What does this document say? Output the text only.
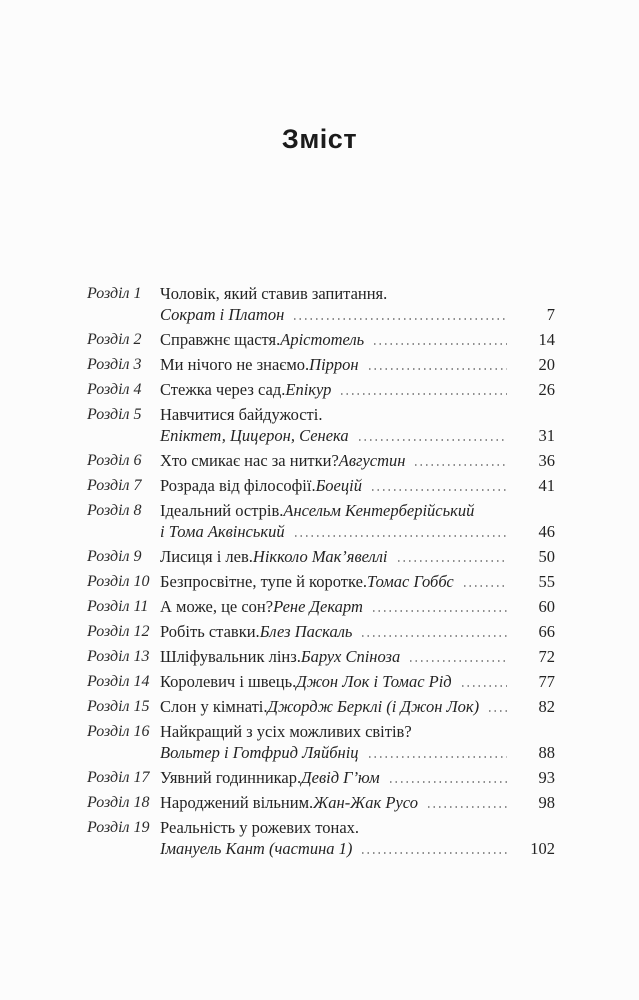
Зміст
Розділ 1	Чоловік, який ставив запитання.
Сократ і Платон	7
Розділ 2	Справжнє щастя. Арістотель	14
Розділ 3	Ми нічого не знаємо. Піррон	20
Розділ 4	Стежка через сад. Епікур	26
Розділ 5	Навчитися байдужості.
Епіктет, Цицерон, Сенека	31
Розділ 6	Хто смикає нас за нитки? Августин	36
Розділ 7	Розрада від філософії. Боецій	41
Розділ 8	Ідеальний острів. Ансельм Кентерберійський
і Тома Аквінський	46
Розділ 9	Лисиця і лев. Нікколо Мак’явеллі	50
Розділ 10 Безпросвітне, тупе й коротке. Томас Гоббс	55
Розділ 11 А може, це сон? Рене Декарт	60
Розділ 12 Робіть ставки. Блез Паскаль	66
Розділ 13 Шліфувальник лінз. Барух Спіноза	72
Розділ 14 Королевич і швець. Джон Лок і Томас Рід	77
Розділ 15 Слон у кімнаті. Джордж Берклі (і Джон Лок)	82
Розділ 16 Найкращий з усіх можливих світів?
Вольтер і Готфрид Ляйбніц	88
Розділ 17 Уявний годинникар. Девід Г’юм	93
Розділ 18 Народжений вільним. Жан-Жак Русо	98
Розділ 19 Реальність у рожевих тонах.
Імануель Кант (частина 1)	102
